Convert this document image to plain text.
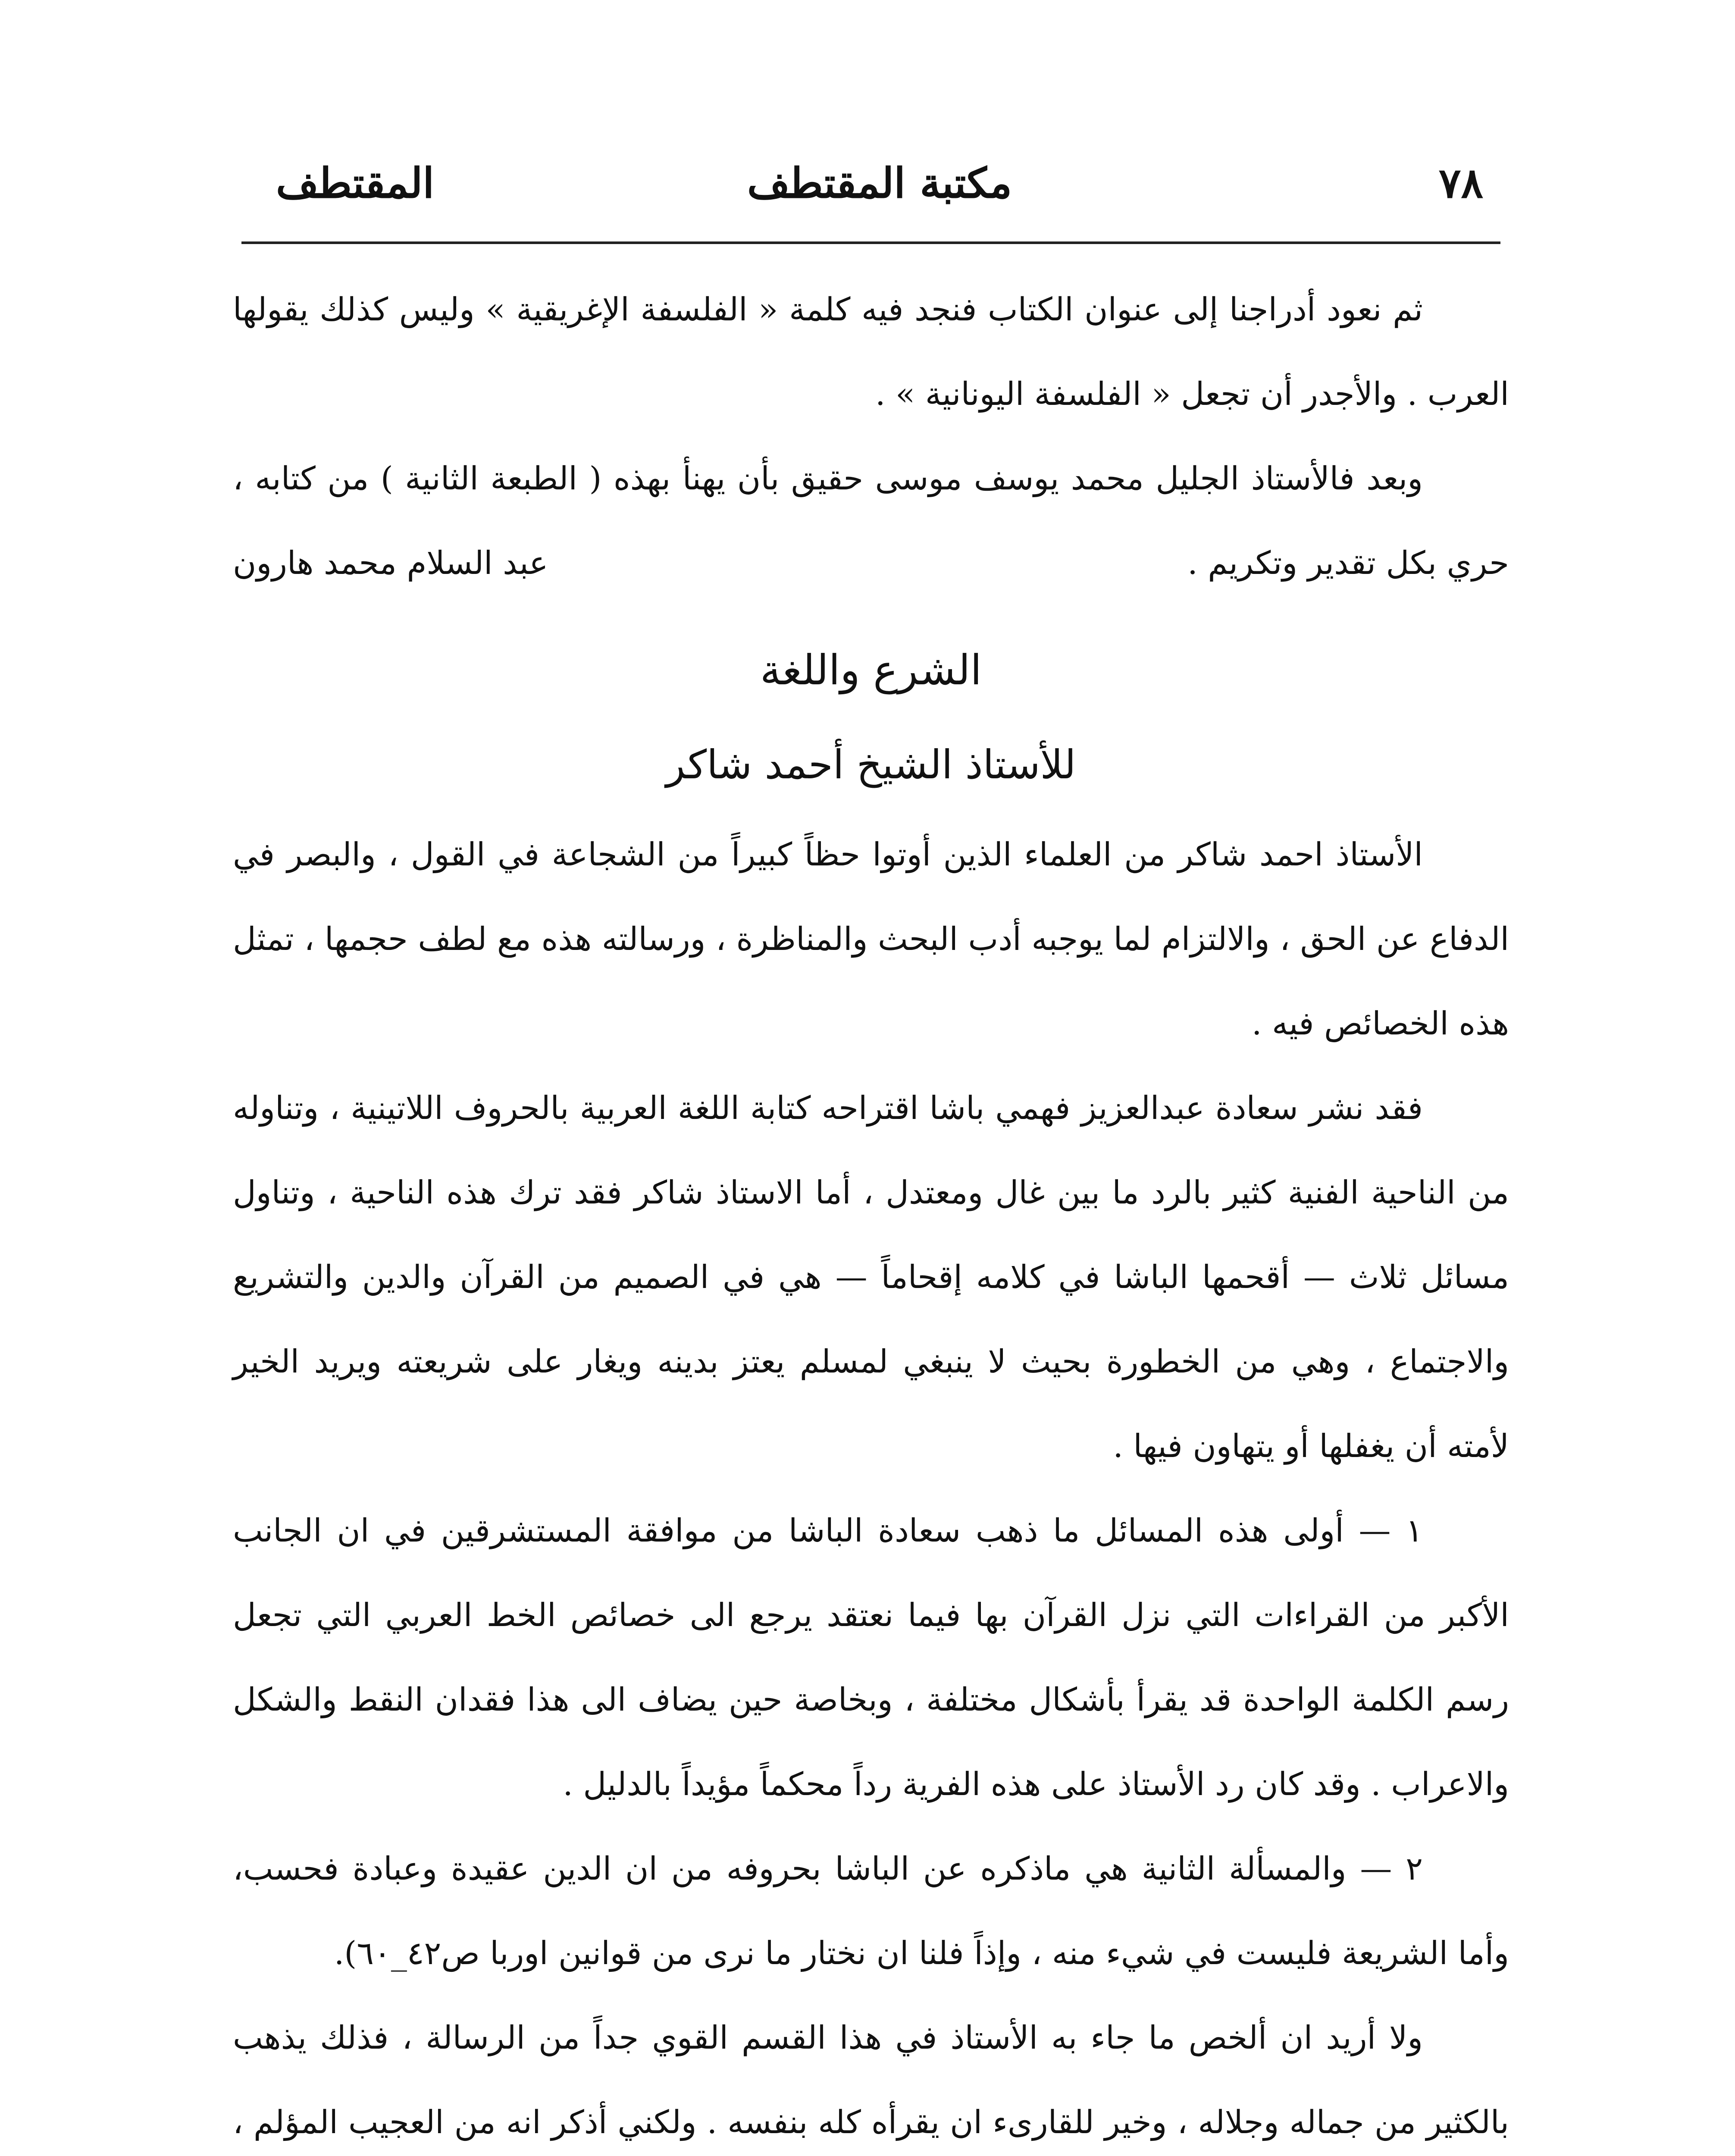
٧٨
مكتبة المقتطف
المقتطف

ثم نعود أدراجنا إلى عنوان الكتاب فنجد فيه كلمة « الفلسفة الإغريقية » وليس كذلك يقولها العرب . والأجدر أن تجعل « الفلسفة اليونانية » .

وبعد فالأستاذ الجليل محمد يوسف موسى حقيق بأن يهنأ بهذه ( الطبعة الثانية ) من كتابه ، حري بكل تقدير وتكريم .
عبد السلام محمد هارون

الشرع واللغة

للأستاذ الشيخ أحمد شاكر

الأستاذ احمد شاكر من العلماء الذين أوتوا حظاً كبيراً من الشجاعة في القول ، والبصر في الدفاع عن الحق ، والالتزام لما يوجبه أدب البحث والمناظرة ، ورسالته هذه مع لطف حجمها ، تمثل هذه الخصائص فيه .

فقد نشر سعادة عبدالعزيز فهمي باشا اقتراحه كتابة اللغة العربية بالحروف اللاتينية ، وتناوله من الناحية الفنية كثير بالرد ما بين غال ومعتدل ، أما الاستاذ شاكر فقد ترك هذه الناحية ، وتناول مسائل ثلاث — أقحمها الباشا في كلامه إقحاماً — هي في الصميم من القرآن والدين والتشريع والاجتماع ، وهي من الخطورة بحيث لا ينبغي لمسلم يعتز بدينه ويغار على شريعته ويريد الخير لأمته أن يغفلها أو يتهاون فيها .

١ — أولى هذه المسائل ما ذهب سعادة الباشا من موافقة المستشرقين في ان الجانب الأكبر من القراءات التي نزل القرآن بها فيما نعتقد يرجع الى خصائص الخط العربي التي تجعل رسم الكلمة الواحدة قد يقرأ بأشكال مختلفة ، وبخاصة حين يضاف الى هذا فقدان النقط والشكل والاعراب . وقد كان رد الأستاذ على هذه الفرية رداً محكماً مؤيداً بالدليل .

٢ — والمسألة الثانية هي ماذكره عن الباشا بحروفه من ان الدين عقيدة وعبادة فحسب، وأما الشريعة فليست في شيء منه ، وإذاً فلنا ان نختار ما نرى من قوانين اوربا ص٤٢_٦٠).

ولا أريد ان ألخص ما جاء به الأستاذ في هذا القسم القوي جداً من الرسالة ، فذلك يذهب بالكثير من جماله وجلاله ، وخير للقارىء ان يقرأه كله بنفسه . ولكني أذكر انه من العجيب المؤلم ،
